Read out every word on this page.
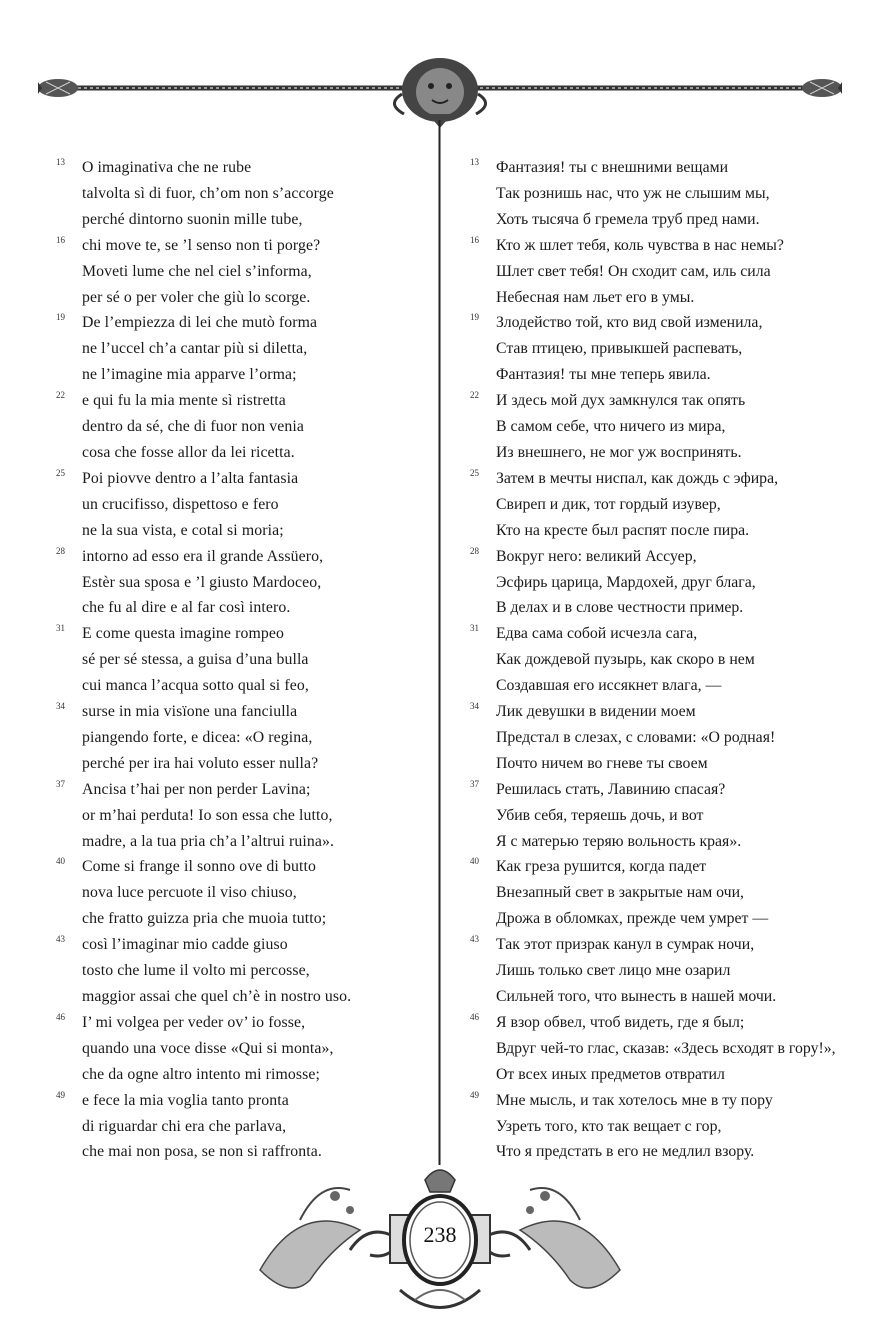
13 O imaginativa che ne rube
talvolta sì di fuor, ch’om non s’accorge
perché dintorno suonin mille tube,
16 chi move te, se ’l senso non ti porge?
Moveti lume che nel ciel s’informa,
per sé o per voler che giù lo scorge.
19 De l’empiezza di lei che mutò forma
ne l’uccel ch’a cantar più si diletta,
ne l’imagine mia apparve l’orma;
22 e qui fu la mia mente sì ristretta
dentro da sé, che di fuor non venia
cosa che fosse allor da lei ricetta.
25 Poi piovve dentro a l’alta fantasia
un crucifisso, dispettoso e fero
ne la sua vista, e cotal si moria;
28 intorno ad esso era il grande Assüero,
Estèr sua sposa e ’l giusto Mardoceo,
che fu al dire e al far così intero.
31 E come questa imagine rompeo
sé per sé stessa, a guisa d’una bulla
cui manca l’acqua sotto qual si feo,
34 surse in mia visïone una fanciulla
piangendo forte, e dicea: «O regina,
perché per ira hai voluto esser nulla?
37 Ancisa t’hai per non perder Lavina;
or m’hai perduta! Io son essa che lutto,
madre, a la tua pria ch’a l’altrui ruina».
40 Come si frange il sonno ove di butto
nova luce percuote il viso chiuso,
che fratto guizza pria che muoia tutto;
43 così l’imaginar mio cadde giuso
tosto che lume il volto mi percosse,
maggior assai che quel ch’è in nostro uso.
46 I’ mi volgea per veder ov’ io fosse,
quando una voce disse «Qui si monta»,
che da ogne altro intento mi rimosse;
49 e fece la mia voglia tanto pronta
di riguardar chi era che parlava,
che mai non posa, se non si raffronta.
13 Фантазия! ты с внешними вещами
Так рознишь нас, что уж не слышим мы,
Хоть тысяча б гремела труб пред нами.
16 Кто ж шлет тебя, коль чувства в нас немы?
Шлет свет тебя! Он сходит сам, иль сила
Небесная нам льет его в умы.
19 Злодейство той, кто вид свой изменила,
Став птицею, привыкшей распевать,
Фантазия! ты мне теперь явила.
22 И здесь мой дух замкнулся так опять
В самом себе, что ничего из мира,
Из внешнего, не мог уж воспринять.
25 Затем в мечты ниспал, как дождь с эфира,
Свиреп и дик, тот гордый изувер,
Кто на кресте был распят после пира.
28 Вокруг него: великий Ассуер,
Эсфирь царица, Мардохей, друг блага,
В делах и в слове честности пример.
31 Едва сама собой исчезла сага,
Как дождевой пузырь, как скоро в нем
Создавшая его иссякнет влага, —
34 Лик девушки в видении моем
Предстал в слезах, с словами: «О родная!
Почто ничем во гневе ты своем
37 Решилась стать, Лавинию спасая?
Убив себя, теряешь дочь, и вот
Я с матерью теряю вольность края».
40 Как греза рушится, когда падет
Внезапный свет в закрытые нам очи,
Дрожа в обломках, прежде чем умрет —
43 Так этот призрак канул в сумрак ночи,
Лишь только свет лицо мне озарил
Сильней того, что вынесть в нашей мочи.
46 Я взор обвел, чтоб видеть, где я был;
Вдруг чей-то глас, сказав: «Здесь всходят в гору!»,
От всех иных предметов отвратил
49 Мне мысль, и так хотелось мне в ту пору
Узреть того, кто так вещает с гор,
Что я предстать в его не медлил взору.
238
